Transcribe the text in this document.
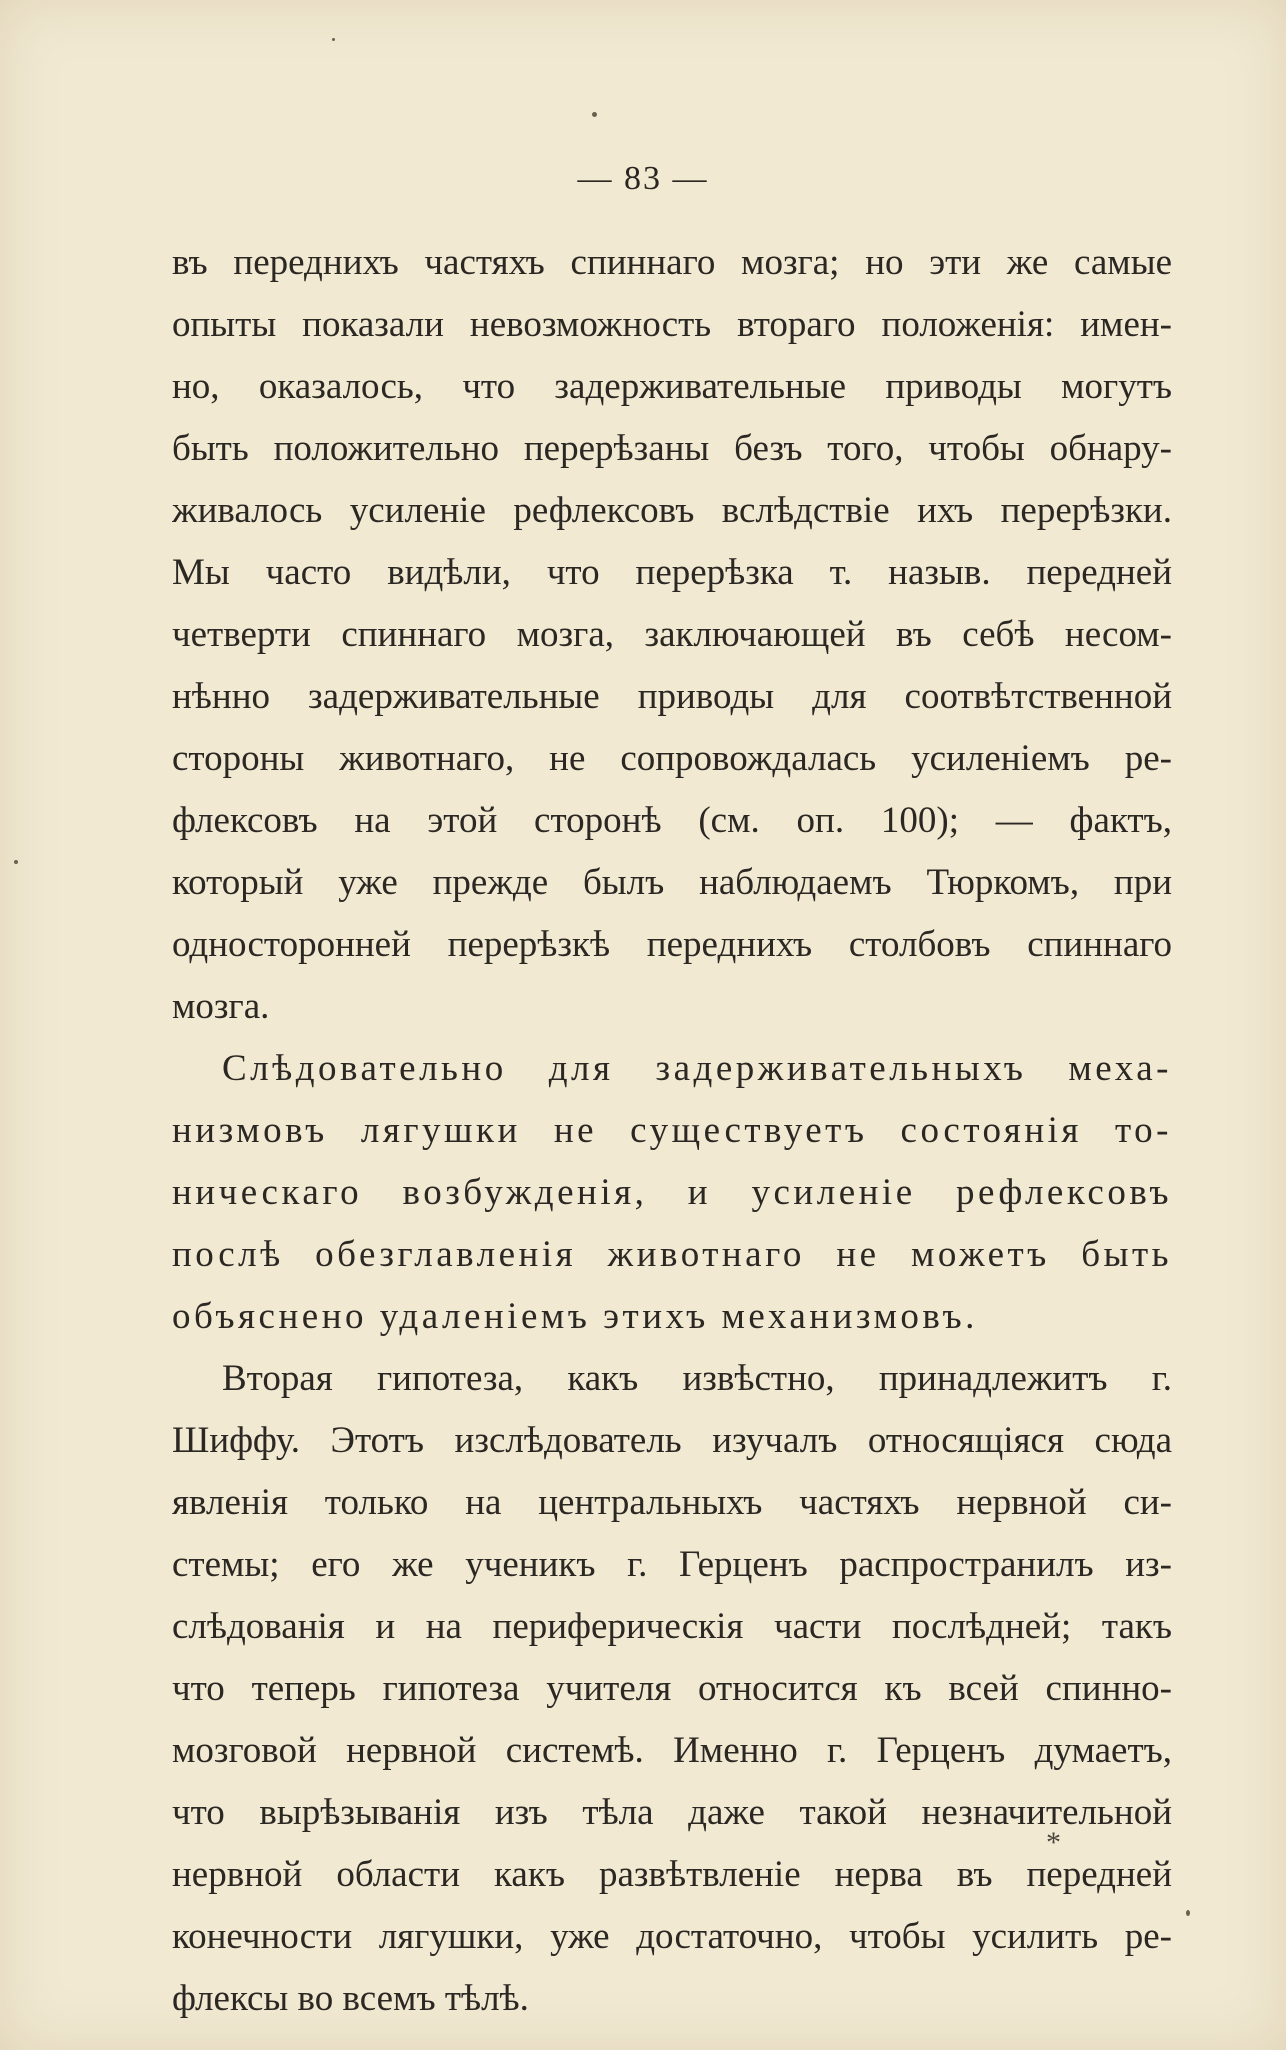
— 83 —
въ переднихъ частяхъ спиннаго мозга; но эти же самые
опыты показали невозможность втораго положенія: имен-
но, оказалось, что задерживательные приводы могутъ
быть положительно перерѣзаны безъ того, чтобы обнару-
живалось усиленіе рефлексовъ вслѣдствіе ихъ перерѣзки.
Мы часто видѣли, что перерѣзка т. назыв. передней
четверти спиннаго мозга, заключающей въ себѣ несом-
нѣнно задерживательные приводы для соотвѣтственной
стороны животнаго, не сопровождалась усиленіемъ ре-
флексовъ на этой сторонѣ (см. оп. 100); — фактъ,
который уже прежде былъ наблюдаемъ Тюркомъ, при
односторонней перерѣзкѣ переднихъ столбовъ спиннаго
мозга.
Слѣдовательно для задерживательныхъ меха-
низмовъ лягушки не существуетъ состоянія то-
ническаго возбужденія, и усиленіе рефлексовъ
послѣ обезглавленія животнаго не можетъ быть
объяснено удаленіемъ этихъ механизмовъ.
Вторая гипотеза, какъ извѣстно, принадлежитъ г.
Шиффу. Этотъ изслѣдователь изучалъ относящіяся сюда
явленія только на центральныхъ частяхъ нервной си-
стемы; его же ученикъ г. Герценъ распространилъ из-
слѣдованія и на периферическія части послѣдней; такъ
что теперь гипотеза учителя относится къ всей спинно-
мозговой нервной системѣ. Именно г. Герценъ думаетъ,
что вырѣзыванія изъ тѣла даже такой незначительной
нервной области какъ развѣтвленіе нерва въ передней
конечности лягушки, уже достаточно, чтобы усилить ре-
флексы во всемъ тѣлѣ.
*
